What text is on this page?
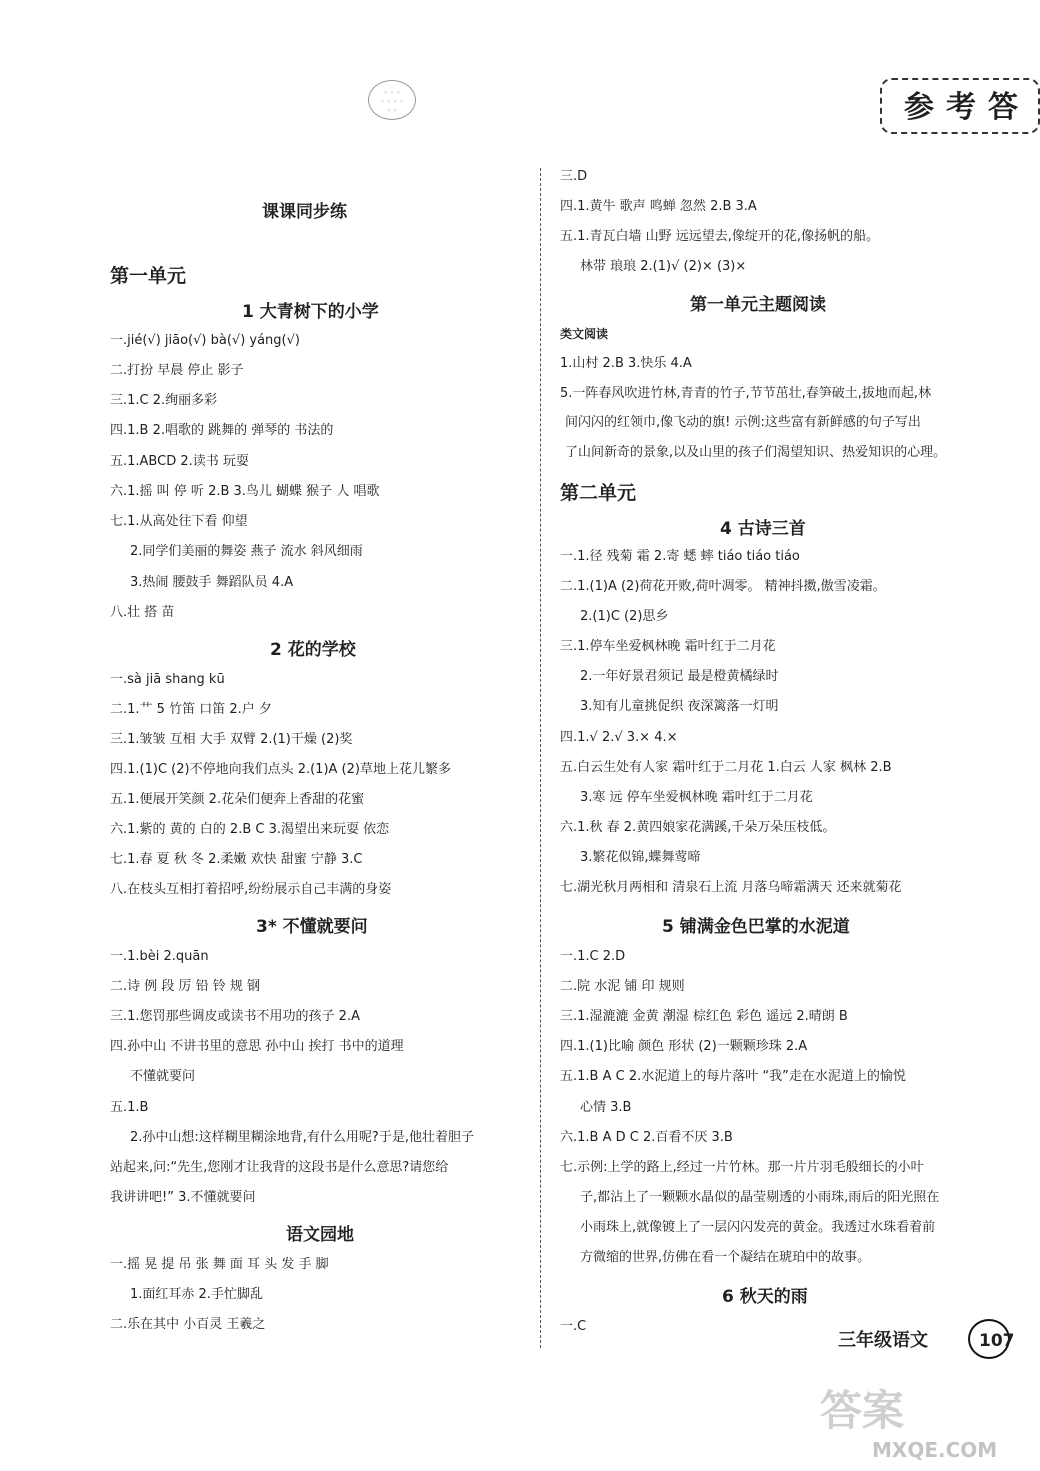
◦ ◦ ◦
◦ ◦ ◦ ◦
◦ ◦	参考答
课课同步练
第一单元
1 大青树下的小学
一.jié(√) jiāo(√) bà(√) yáng(√)
二.打扮 早晨 停止 影子
三.1.C 2.绚丽多彩
四.1.B 2.唱歌的 跳舞的 弹琴的 书法的
五.1.ABCD 2.读书 玩耍
六.1.摇 叫 停 听 2.B 3.鸟儿 蝴蝶 猴子 人 唱歌
七.1.从高处往下看 仰望
2.同学们美丽的舞姿 燕子 流水 斜风细雨
3.热闹 腰鼓手 舞蹈队员 4.A
八.壮 搭 苗
2 花的学校
一.sà jiā shang kū
二.1.⺾ 5 竹笛 口笛 2.户 夕
三.1.皱皱 互相 大手 双臂 2.(1)干燥 (2)奖
四.1.(1)C (2)不停地向我们点头 2.(1)A (2)草地上花儿繁多
五.1.便展开笑颜 2.花朵们便奔上香甜的花蜜
六.1.紫的 黄的 白的 2.B C 3.渴望出来玩耍 依恋
七.1.春 夏 秋 冬 2.柔嫩 欢快 甜蜜 宁静 3.C
八.在枝头互相打着招呼,纷纷展示自己丰满的身姿
3* 不懂就要问
一.1.bèi 2.quān
二.诗 例 段 厉 铅 铃 规 钢
三.1.您罚那些调皮或读书不用功的孩子 2.A
四.孙中山 不讲书里的意思 孙中山 挨打 书中的道理
不懂就要问
五.1.B
2.孙中山想:这样糊里糊涂地背,有什么用呢?于是,他壮着胆子
站起来,问:“先生,您刚才让我背的这段书是什么意思?请您给
我讲讲吧!” 3.不懂就要问
语文园地
一.摇 晃 提 吊 张 舞 面 耳 头 发 手 脚
1.面红耳赤 2.手忙脚乱
二.乐在其中 小百灵 王羲之
三.D
四.1.黄牛 歌声 鸣蝉 忽然 2.B 3.A
五.1.青瓦白墙 山野 远远望去,像绽开的花,像扬帆的船。
林带 琅琅 2.(1)√ (2)× (3)×
第一单元主题阅读
类文阅读
1.山村 2.B 3.快乐 4.A
5.一阵春风吹进竹林,青青的竹子,节节茁壮,春笋破土,拔地而起,林
间闪闪的红领巾,像飞动的旗! 示例:这些富有新鲜感的句子写出
了山间新奇的景象,以及山里的孩子们渴望知识、热爱知识的心理。
第二单元
4 古诗三首
一.1.径 残菊 霜 2.寄 蟋 蟀 tiáo tiáo tiáo
二.1.(1)A (2)荷花开败,荷叶凋零。 精神抖擞,傲雪凌霜。
2.(1)C (2)思乡
三.1.停车坐爱枫林晚 霜叶红于二月花
2.一年好景君须记 最是橙黄橘绿时
3.知有儿童挑促织 夜深篱落一灯明
四.1.√ 2.√ 3.× 4.×
五.白云生处有人家 霜叶红于二月花 1.白云 人家 枫林 2.B
3.寒 远 停车坐爱枫林晚 霜叶红于二月花
六.1.秋 春 2.黄四娘家花满蹊,千朵万朵压枝低。
3.繁花似锦,蝶舞莺啼
七.湖光秋月两相和 清泉石上流 月落乌啼霜满天 还来就菊花
5 铺满金色巴掌的水泥道
一.1.C 2.D
二.院 水泥 铺 印 规则
三.1.湿漉漉 金黄 潮湿 棕红色 彩色 遥远 2.晴朗 B
四.1.(1)比喻 颜色 形状 (2)一颗颗珍珠 2.A
五.1.B A C 2.水泥道上的每片落叶 “我”走在水泥道上的愉悦
心情 3.B
六.1.B A D C 2.百看不厌 3.B
七.示例:上学的路上,经过一片竹林。那一片片羽毛般细长的小叶
子,都沾上了一颗颗水晶似的晶莹剔透的小雨珠,雨后的阳光照在
小雨珠上,就像镀上了一层闪闪发亮的黄金。我透过水珠看着前
方微缩的世界,仿佛在看一个凝结在琥珀中的故事。
6 秋天的雨
一.C
三年级语文	107
答案
MXQE.COM
